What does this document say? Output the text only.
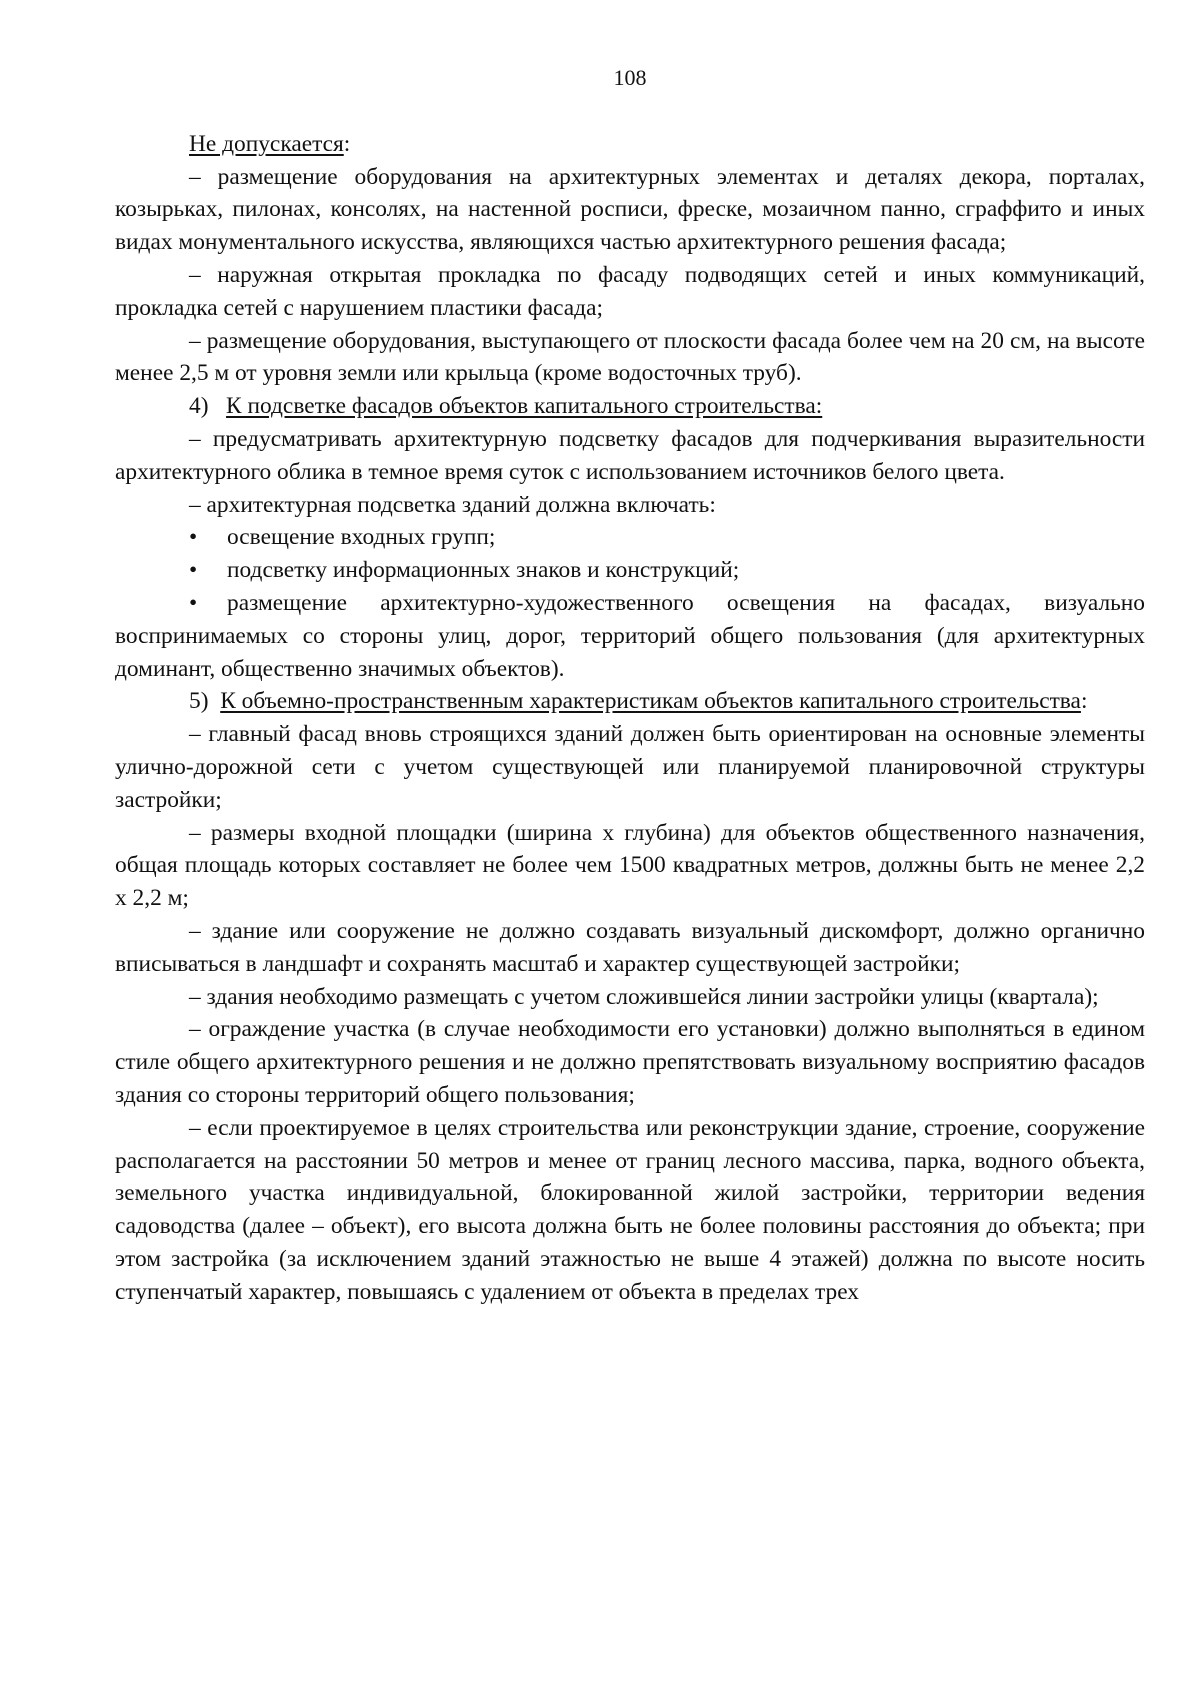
108

Не допускается:

– размещение оборудования на архитектурных элементах и деталях декора, порталах, козырьках, пилонах, консолях, на настенной росписи, фреске, мозаичном панно, сграффито и иных видах монументального искусства, являющихся частью архитектурного решения фасада;

– наружная открытая прокладка по фасаду подводящих сетей и иных коммуникаций, прокладка сетей с нарушением пластики фасада;

– размещение оборудования, выступающего от плоскости фасада более чем на 20 см, на высоте менее 2,5 м от уровня земли или крыльца (кроме водосточных труб).

4) К подсветке фасадов объектов капитального строительства:

– предусматривать архитектурную подсветку фасадов для подчеркивания выразительности архитектурного облика в темное время суток с использованием источников белого цвета.

– архитектурная подсветка зданий должна включать:

•	освещение входных групп;
•	подсветку информационных знаков и конструкций;

• размещение архитектурно-художественного освещения на фасадах, визуально воспринимаемых со стороны улиц, дорог, территорий общего пользования (для архитектурных доминант, общественно значимых объектов).

5) К объемно-пространственным характеристикам объектов капитального строительства:

– главный фасад вновь строящихся зданий должен быть ориентирован на основные элементы улично-дорожной сети с учетом существующей или планируемой планировочной структуры застройки;

– размеры входной площадки (ширина х глубина) для объектов общественного назначения, общая площадь которых составляет не более чем 1500 квадратных метров, должны быть не менее 2,2 х 2,2 м;

– здание или сооружение не должно создавать визуальный дискомфорт, должно органично вписываться в ландшафт и сохранять масштаб и характер существующей застройки;

– здания необходимо размещать с учетом сложившейся линии застройки улицы (квартала);

– ограждение участка (в случае необходимости его установки) должно выполняться в едином стиле общего архитектурного решения и не должно препятствовать визуальному восприятию фасадов здания со стороны территорий общего пользования;

– если проектируемое в целях строительства или реконструкции здание, строение, сооружение располагается на расстоянии 50 метров и менее от границ лесного массива, парка, водного объекта, земельного участка индивидуальной, блокированной жилой застройки, территории ведения садоводства (далее – объект), его высота должна быть не более половины расстояния до объекта; при этом застройка (за исключением зданий этажностью не выше 4 этажей) должна по высоте носить ступенчатый характер, повышаясь с удалением от объекта в пределах трех
